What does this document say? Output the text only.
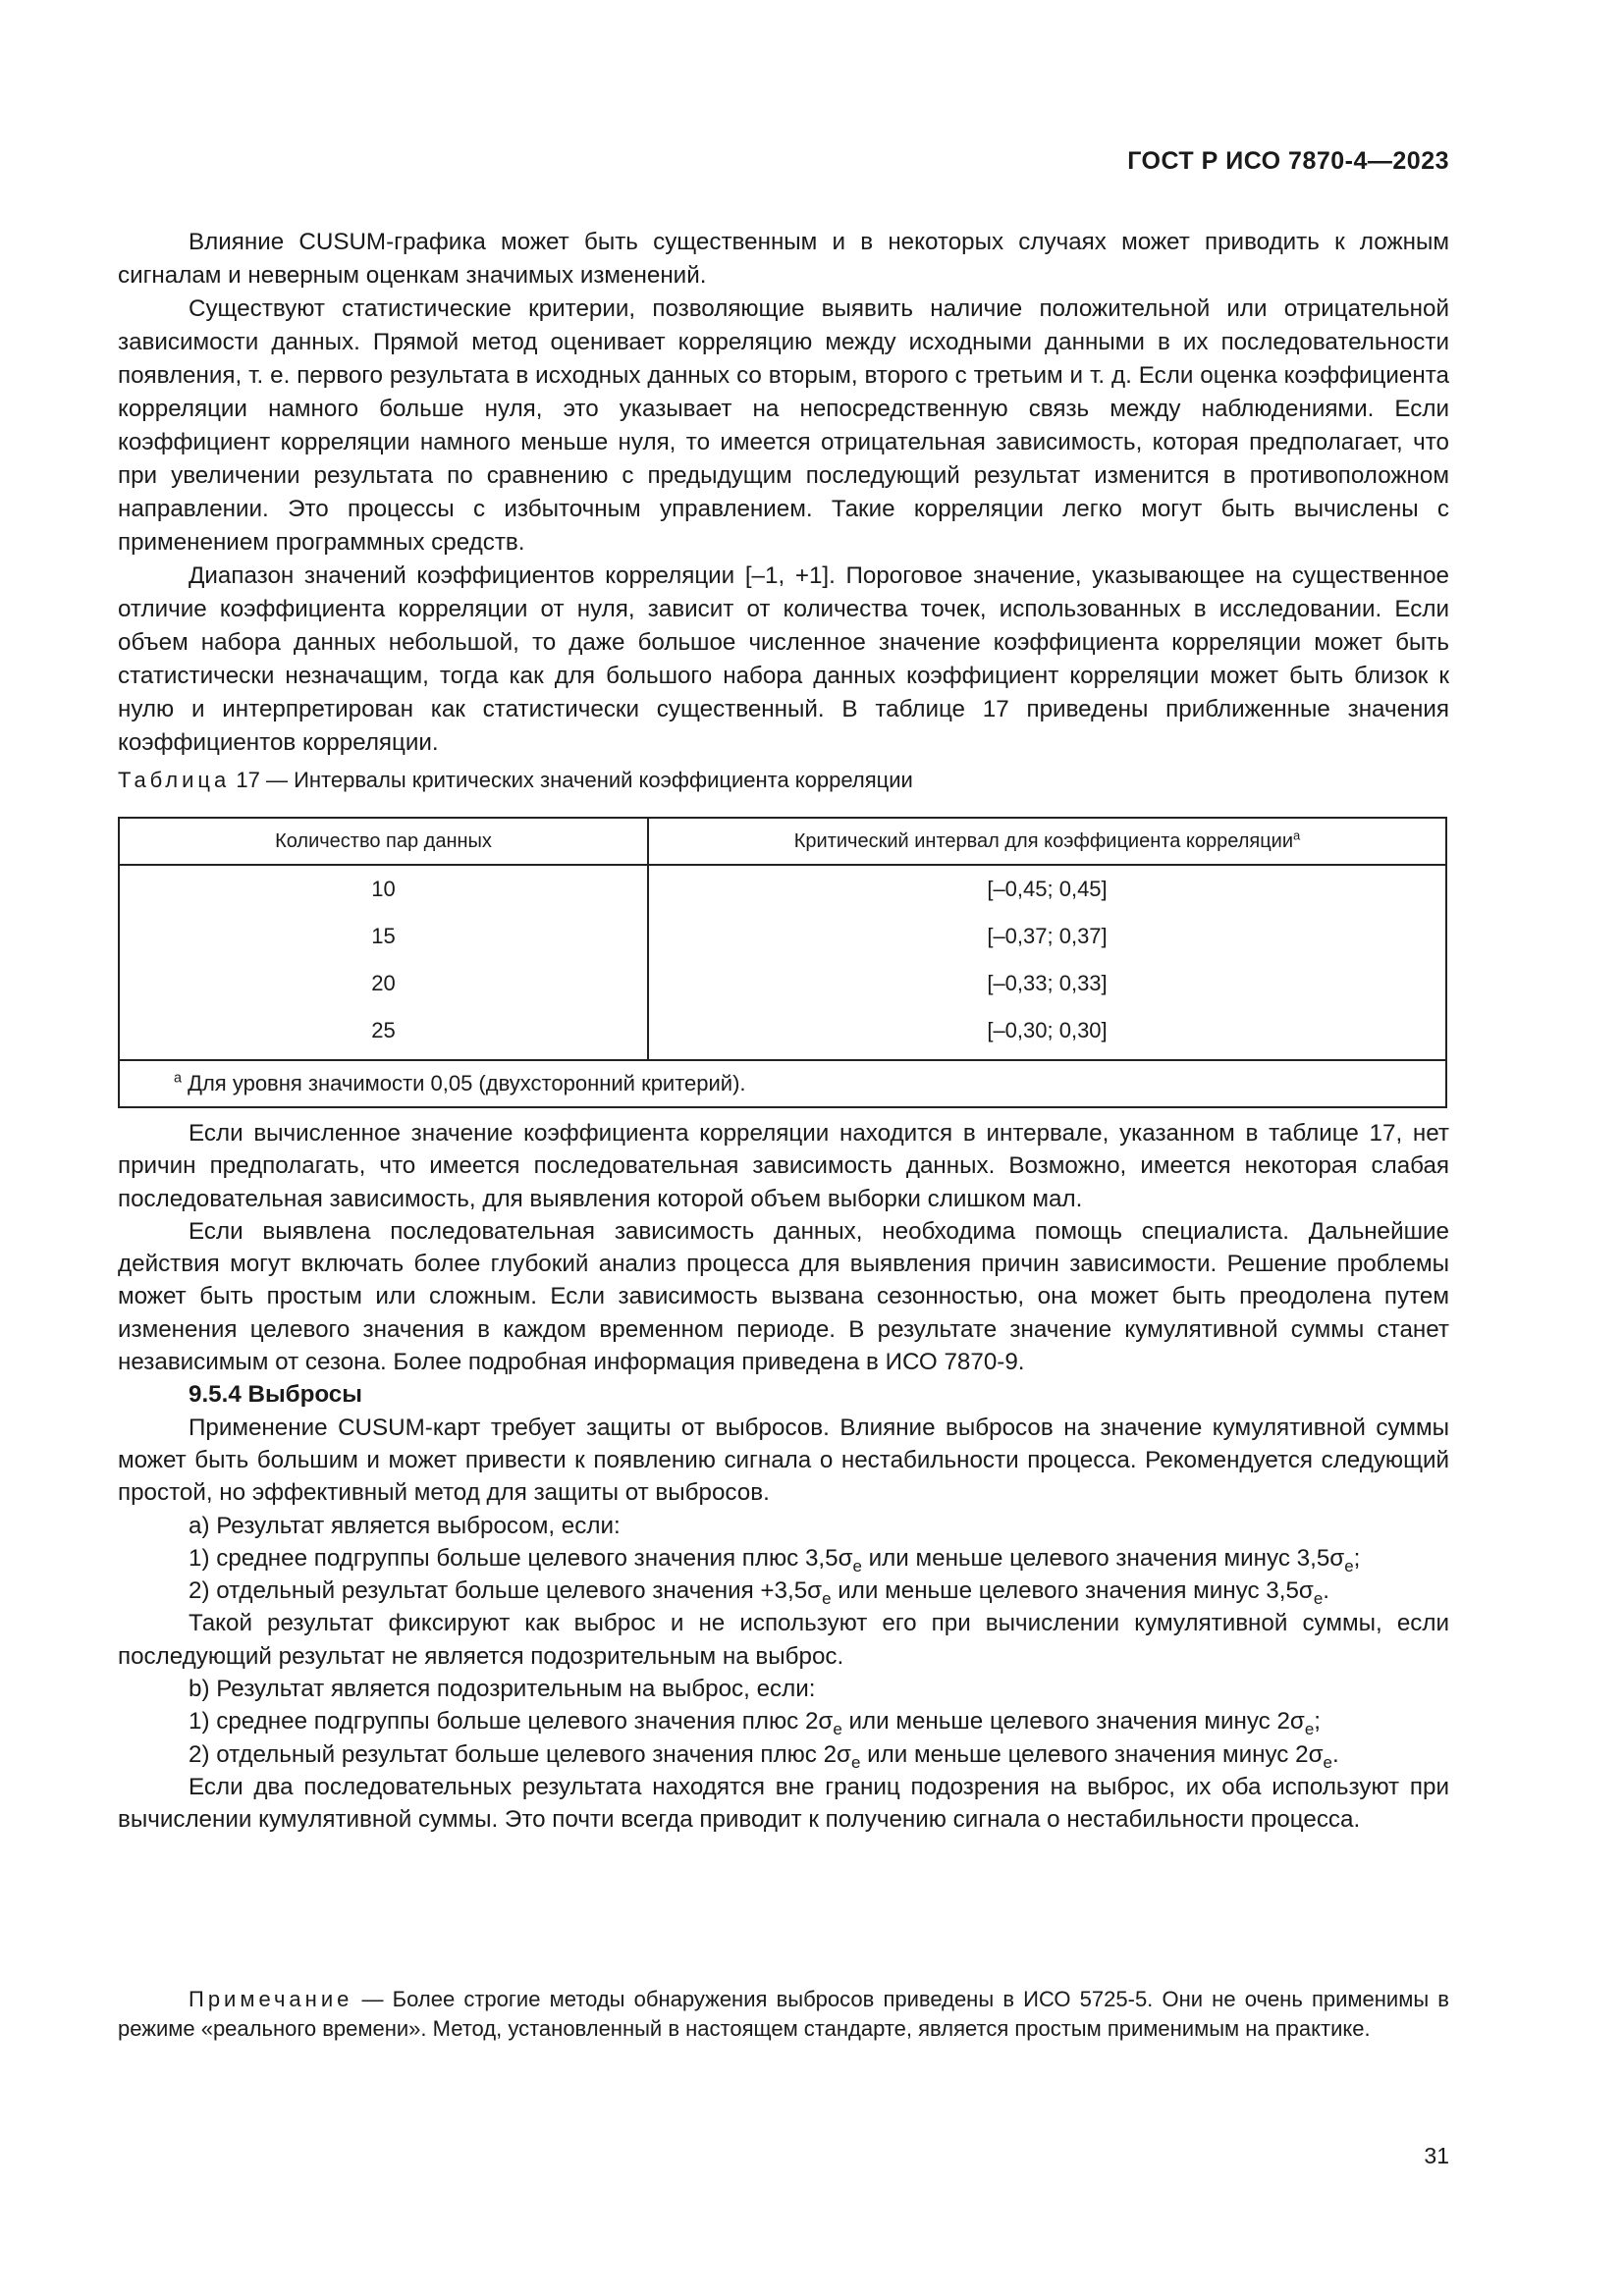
ГОСТ Р ИСО 7870-4—2023

Влияние CUSUM-графика может быть существенным и в некоторых случаях может приводить к ложным сигналам и неверным оценкам значимых изменений.

Существуют статистические критерии, позволяющие выявить наличие положительной или отрицательной зависимости данных. Прямой метод оценивает корреляцию между исходными данными в их последовательности появления, т. е. первого результата в исходных данных со вторым, второго с третьим и т. д. Если оценка коэффициента корреляции намного больше нуля, это указывает на непосредственную связь между наблюдениями. Если коэффициент корреляции намного меньше нуля, то имеется отрицательная зависимость, которая предполагает, что при увеличении результата по сравнению с предыдущим последующий результат изменится в противоположном направлении. Это процессы с избыточным управлением. Такие корреляции легко могут быть вычислены с применением программных средств.

Диапазон значений коэффициентов корреляции [–1, +1]. Пороговое значение, указывающее на существенное отличие коэффициента корреляции от нуля, зависит от количества точек, использованных в исследовании. Если объем набора данных небольшой, то даже большое численное значение коэффициента корреляции может быть статистически незначащим, тогда как для большого набора данных коэффициент корреляции может быть близок к нулю и интерпретирован как статистически существенный. В таблице 17 приведены приближенные значения коэффициентов корреляции.

Таблица 17 — Интервалы критических значений коэффициента корреляции
Количество пар данных	Критический интервал для коэффициента корреляции$^a$
10	[–0,45; 0,45]
15	[–0,37; 0,37]
20	[–0,33; 0,33]
25	[–0,30; 0,30]
$^a$ Для уровня значимости 0,05 (двухсторонний критерий).	

Если вычисленное значение коэффициента корреляции находится в интервале, указанном в таблице 17, нет причин предполагать, что имеется последовательная зависимость данных. Возможно, имеется некоторая слабая последовательная зависимость, для выявления которой объем выборки слишком мал.

Если выявлена последовательная зависимость данных, необходима помощь специалиста. Дальнейшие действия могут включать более глубокий анализ процесса для выявления причин зависимости. Решение проблемы может быть простым или сложным. Если зависимость вызвана сезонностью, она может быть преодолена путем изменения целевого значения в каждом временном периоде. В результате значение кумулятивной суммы станет независимым от сезона. Более подробная информация приведена в ИСО 7870-9.

9.5.4 Выбросы

Применение CUSUM-карт требует защиты от выбросов. Влияние выбросов на значение кумулятивной суммы может быть большим и может привести к появлению сигнала о нестабильности процесса. Рекомендуется следующий простой, но эффективный метод для защиты от выбросов.

а) Результат является выбросом, если:

1) среднее подгруппы больше целевого значения плюс $3,5\sigma_e$ или меньше целевого значения минус $3,5\sigma_e$;

2) отдельный результат больше целевого значения $+3,5\sigma_e$ или меньше целевого значения минус $3,5\sigma_e$.

Такой результат фиксируют как выброс и не используют его при вычислении кумулятивной суммы, если последующий результат не является подозрительным на выброс.

b) Результат является подозрительным на выброс, если:

1) среднее подгруппы больше целевого значения плюс $2\sigma_e$ или меньше целевого значения минус $2\sigma_e$;

2) отдельный результат больше целевого значения плюс $2\sigma_e$ или меньше целевого значения минус $2\sigma_e$.

Если два последовательных результата находятся вне границ подозрения на выброс, их оба используют при вычислении кумулятивной суммы. Это почти всегда приводит к получению сигнала о нестабильности процесса.

Примечание — Более строгие методы обнаружения выбросов приведены в ИСО 5725-5. Они не очень применимы в режиме «реального времени». Метод, установленный в настоящем стандарте, является простым применимым на практике.
31
